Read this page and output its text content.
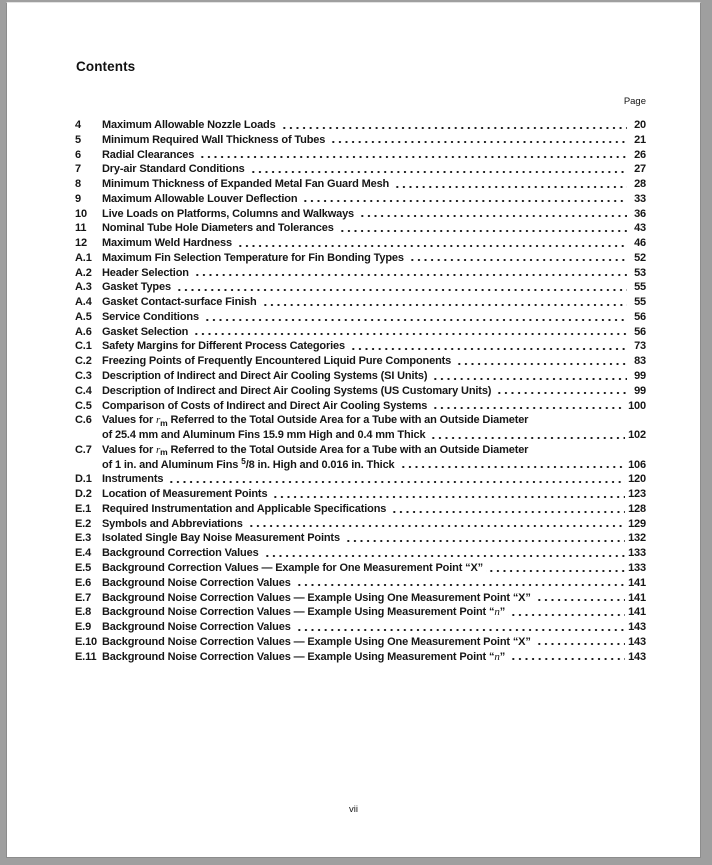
Contents
Page
4	Maximum Allowable Nozzle Loads	20
5	Minimum Required Wall Thickness of Tubes	21
6	Radial Clearances	26
7	Dry-air Standard Conditions	27
8	Minimum Thickness of Expanded Metal Fan Guard Mesh	28
9	Maximum Allowable Louver Deflection	33
10	Live Loads on Platforms, Columns and Walkways	36
11	Nominal Tube Hole Diameters and Tolerances	43
12	Maximum Weld Hardness	46
A.1 Maximum Fin Selection Temperature for Fin Bonding Types	52
A.2 Header Selection	53
A.3 Gasket Types	55
A.4 Gasket Contact-surface Finish	55
A.5 Service Conditions	56
A.6 Gasket Selection	56
C.1 Safety Margins for Different Process Categories	73
C.2 Freezing Points of Frequently Encountered Liquid Pure Components	83
C.3 Description of Indirect and Direct Air Cooling Systems (SI Units)	99
C.4 Description of Indirect and Direct Air Cooling Systems (US Customary Units)	99
C.5 Comparison of Costs of Indirect and Direct Air Cooling Systems	100
C.6 Values for $r_m$ Referred to the Total Outside Area for a Tube with an Outside Diameter
of 25.4 mm and Aluminum Fins 15.9 mm High and 0.4 mm Thick	102
C.7 Values for $r_m$ Referred to the Total Outside Area for a Tube with an Outside Diameter
of 1 in. and Aluminum Fins $^5$/8 in. High and 0.016 in. Thick	106
D.1 Instruments	120
D.2 Location of Measurement Points	123
E.1 Required Instrumentation and Applicable Specifications	128
E.2 Symbols and Abbreviations	129
E.3 Isolated Single Bay Noise Measurement Points	132
E.4 Background Correction Values	133
E.5 Background Correction Values — Example for One Measurement Point “X”	133
E.6 Background Noise Correction Values	141
E.7 Background Noise Correction Values — Example Using One Measurement Point “X”	141
E.8 Background Noise Correction Values — Example Using Measurement Point “n”	141
E.9 Background Noise Correction Values	143
E.10 Background Noise Correction Values — Example Using One Measurement Point “X”	143
E.11 Background Noise Correction Values — Example Using Measurement Point “n”	143
vii
